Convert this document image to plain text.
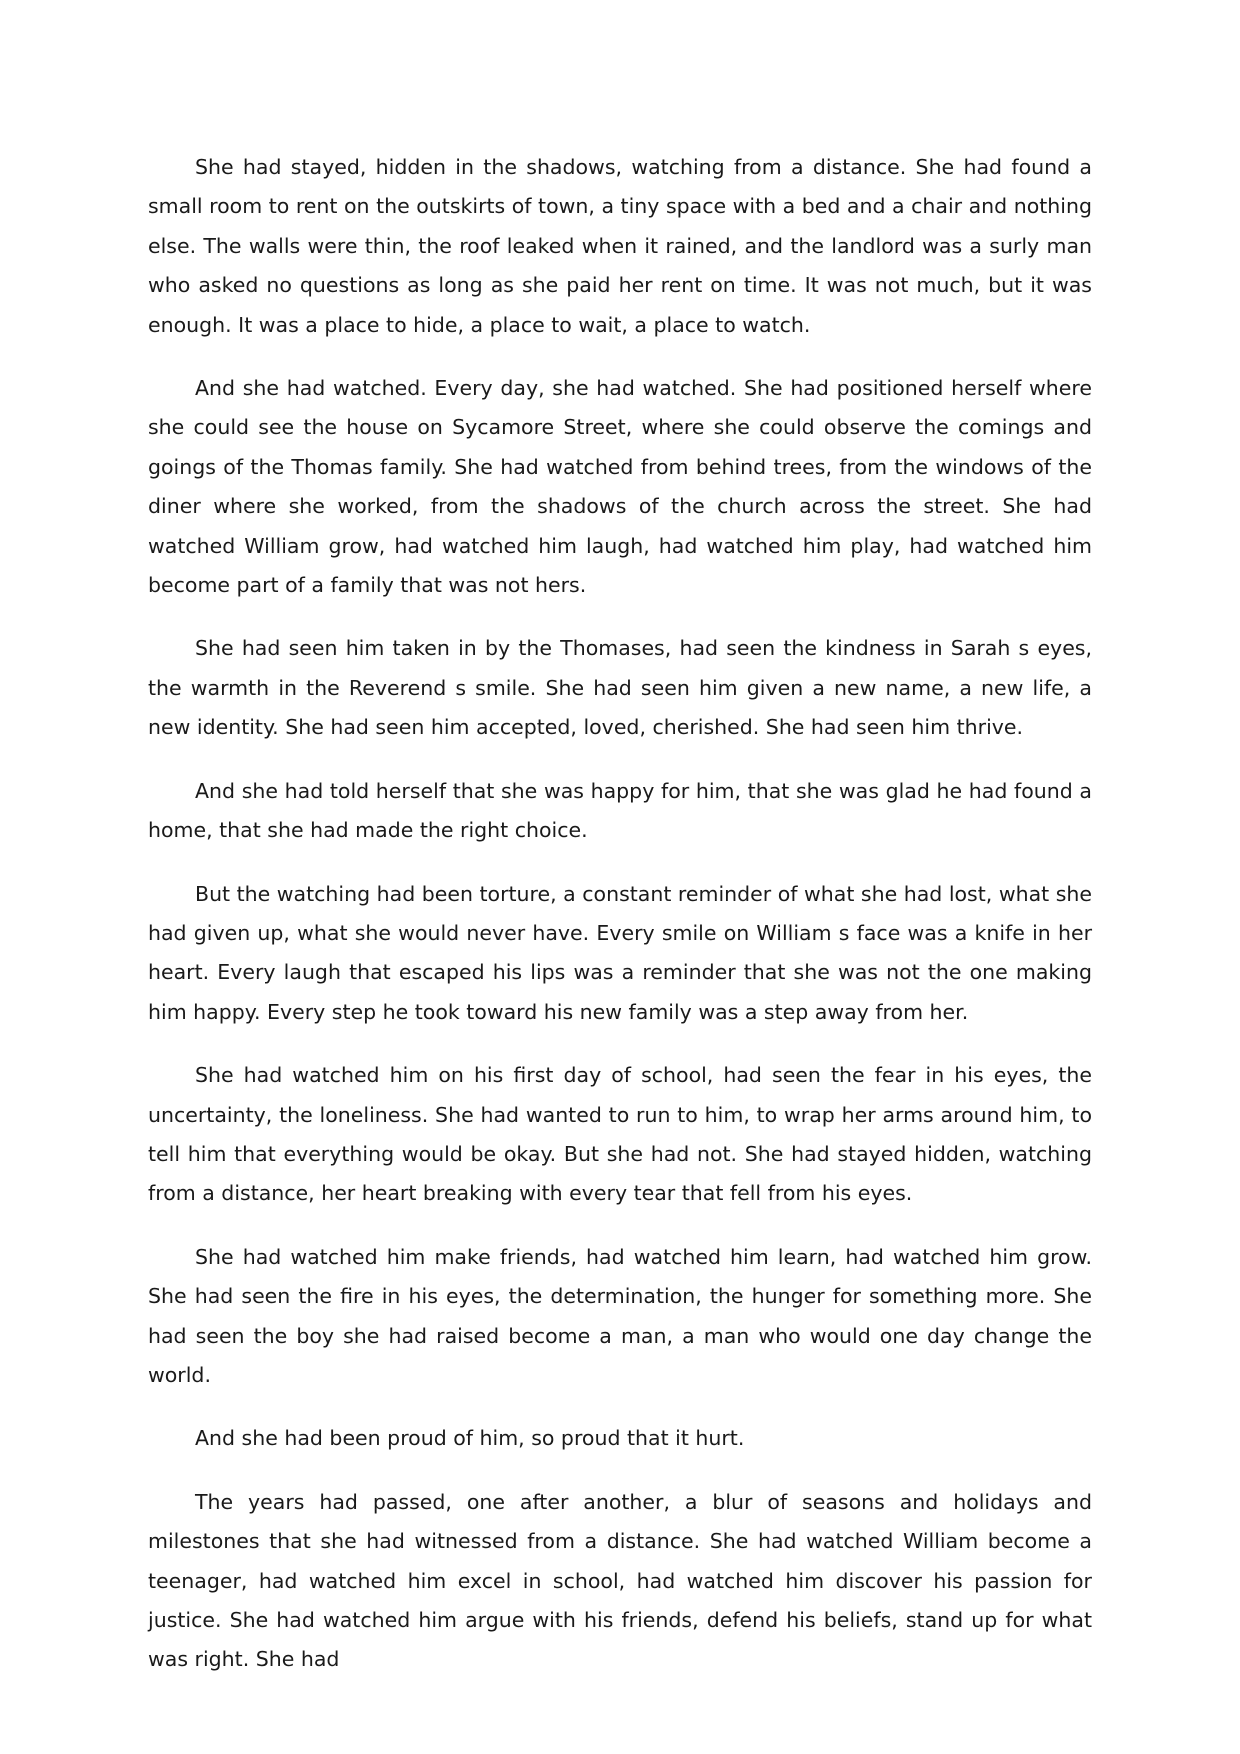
She had stayed, hidden in the shadows, watching from a distance. She had found a small room to rent on the outskirts of town, a tiny space with a bed and a chair and nothing else. The walls were thin, the roof leaked when it rained, and the landlord was a surly man who asked no questions as long as she paid her rent on time. It was not much, but it was enough. It was a place to hide, a place to wait, a place to watch.

And she had watched. Every day, she had watched. She had positioned herself where she could see the house on Sycamore Street, where she could observe the comings and goings of the Thomas family. She had watched from behind trees, from the windows of the diner where she worked, from the shadows of the church across the street. She had watched William grow, had watched him laugh, had watched him play, had watched him become part of a family that was not hers.

She had seen him taken in by the Thomases, had seen the kindness in Sarah s eyes, the warmth in the Reverend s smile. She had seen him given a new name, a new life, a new identity. She had seen him accepted, loved, cherished. She had seen him thrive.

And she had told herself that she was happy for him, that she was glad he had found a home, that she had made the right choice.

But the watching had been torture, a constant reminder of what she had lost, what she had given up, what she would never have. Every smile on William s face was a knife in her heart. Every laugh that escaped his lips was a reminder that she was not the one making him happy. Every step he took toward his new family was a step away from her.

She had watched him on his first day of school, had seen the fear in his eyes, the uncertainty, the loneliness. She had wanted to run to him, to wrap her arms around him, to tell him that everything would be okay. But she had not. She had stayed hidden, watching from a distance, her heart breaking with every tear that fell from his eyes.

She had watched him make friends, had watched him learn, had watched him grow. She had seen the fire in his eyes, the determination, the hunger for something more. She had seen the boy she had raised become a man, a man who would one day change the world.

And she had been proud of him, so proud that it hurt.

The years had passed, one after another, a blur of seasons and holidays and milestones that she had witnessed from a distance. She had watched William become a teenager, had watched him excel in school, had watched him discover his passion for justice. She had watched him argue with his friends, defend his beliefs, stand up for what was right. She had
